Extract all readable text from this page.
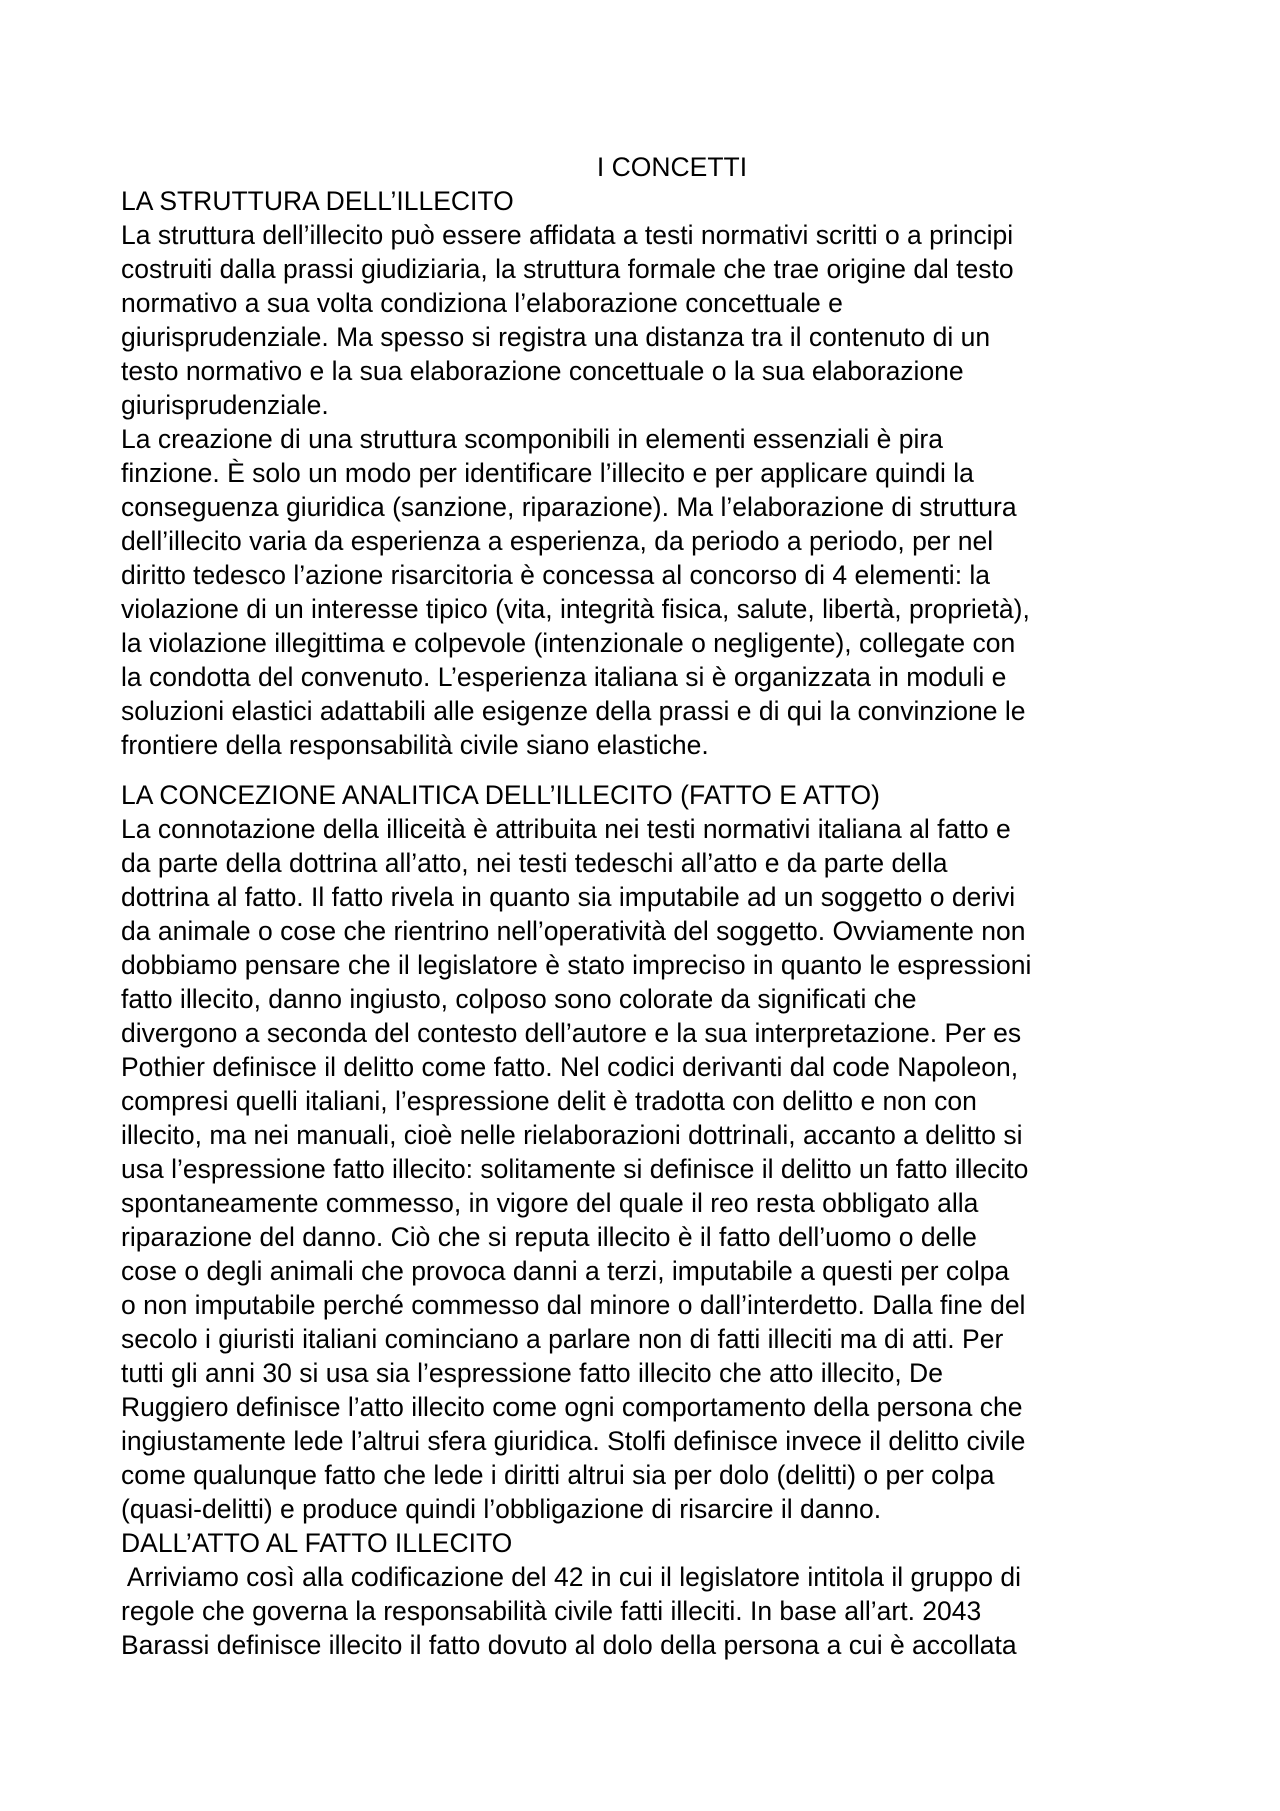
I CONCETTI
LA STRUTTURA DELL’ILLECITO

La struttura dell’illecito può essere affidata a testi normativi scritti o a principi
costruiti dalla prassi giudiziaria, la struttura formale che trae origine dal testo
normativo a sua volta condiziona l’elaborazione concettuale e
giurisprudenziale. Ma spesso si registra una distanza tra il contenuto di un
testo normativo e la sua elaborazione concettuale o la sua elaborazione
giurisprudenziale.

La creazione di una struttura scomponibili in elementi essenziali è pira
finzione. È solo un modo per identificare l’illecito e per applicare quindi la
conseguenza giuridica (sanzione, riparazione). Ma l’elaborazione di struttura
dell’illecito varia da esperienza a esperienza, da periodo a periodo, per nel
diritto tedesco l’azione risarcitoria è concessa al concorso di 4 elementi: la
violazione di un interesse tipico (vita, integrità fisica, salute, libertà, proprietà),
la violazione illegittima e colpevole (intenzionale o negligente), collegate con
la condotta del convenuto. L’esperienza italiana si è organizzata in moduli e
soluzioni elastici adattabili alle esigenze della prassi e di qui la convinzione le
frontiere della responsabilità civile siano elastiche.

LA CONCEZIONE ANALITICA DELL’ILLECITO (FATTO E ATTO)

La connotazione della illiceità è attribuita nei testi normativi italiana al fatto e
da parte della dottrina all’atto, nei testi tedeschi all’atto e da parte della
dottrina al fatto. Il fatto rivela in quanto sia imputabile ad un soggetto o derivi
da animale o cose che rientrino nell’operatività del soggetto. Ovviamente non
dobbiamo pensare che il legislatore è stato impreciso in quanto le espressioni
fatto illecito, danno ingiusto, colposo sono colorate da significati che
divergono a seconda del contesto dell’autore e la sua interpretazione. Per es
Pothier definisce il delitto come fatto. Nel codici derivanti dal code Napoleon,
compresi quelli italiani, l’espressione delit è tradotta con delitto e non con
illecito, ma nei manuali, cioè nelle rielaborazioni dottrinali, accanto a delitto si
usa l’espressione fatto illecito: solitamente si definisce il delitto un fatto illecito
spontaneamente commesso, in vigore del quale il reo resta obbligato alla
riparazione del danno. Ciò che si reputa illecito è il fatto dell’uomo o delle
cose o degli animali che provoca danni a terzi, imputabile a questi per colpa
o non imputabile perché commesso dal minore o dall’interdetto. Dalla fine del
secolo i giuristi italiani cominciano a parlare non di fatti illeciti ma di atti. Per
tutti gli anni 30 si usa sia l’espressione fatto illecito che atto illecito, De
Ruggiero definisce l’atto illecito come ogni comportamento della persona che
ingiustamente lede l’altrui sfera giuridica. Stolfi definisce invece il delitto civile
come qualunque fatto che lede i diritti altrui sia per dolo (delitti) o per colpa
(quasi-delitti) e produce quindi l’obbligazione di risarcire il danno.

DALL’ATTO AL FATTO ILLECITO

Arriviamo così alla codificazione del 42 in cui il legislatore intitola il gruppo di
regole che governa la responsabilità civile fatti illeciti. In base all’art. 2043
Barassi definisce illecito il fatto dovuto al dolo della persona a cui è accollata
